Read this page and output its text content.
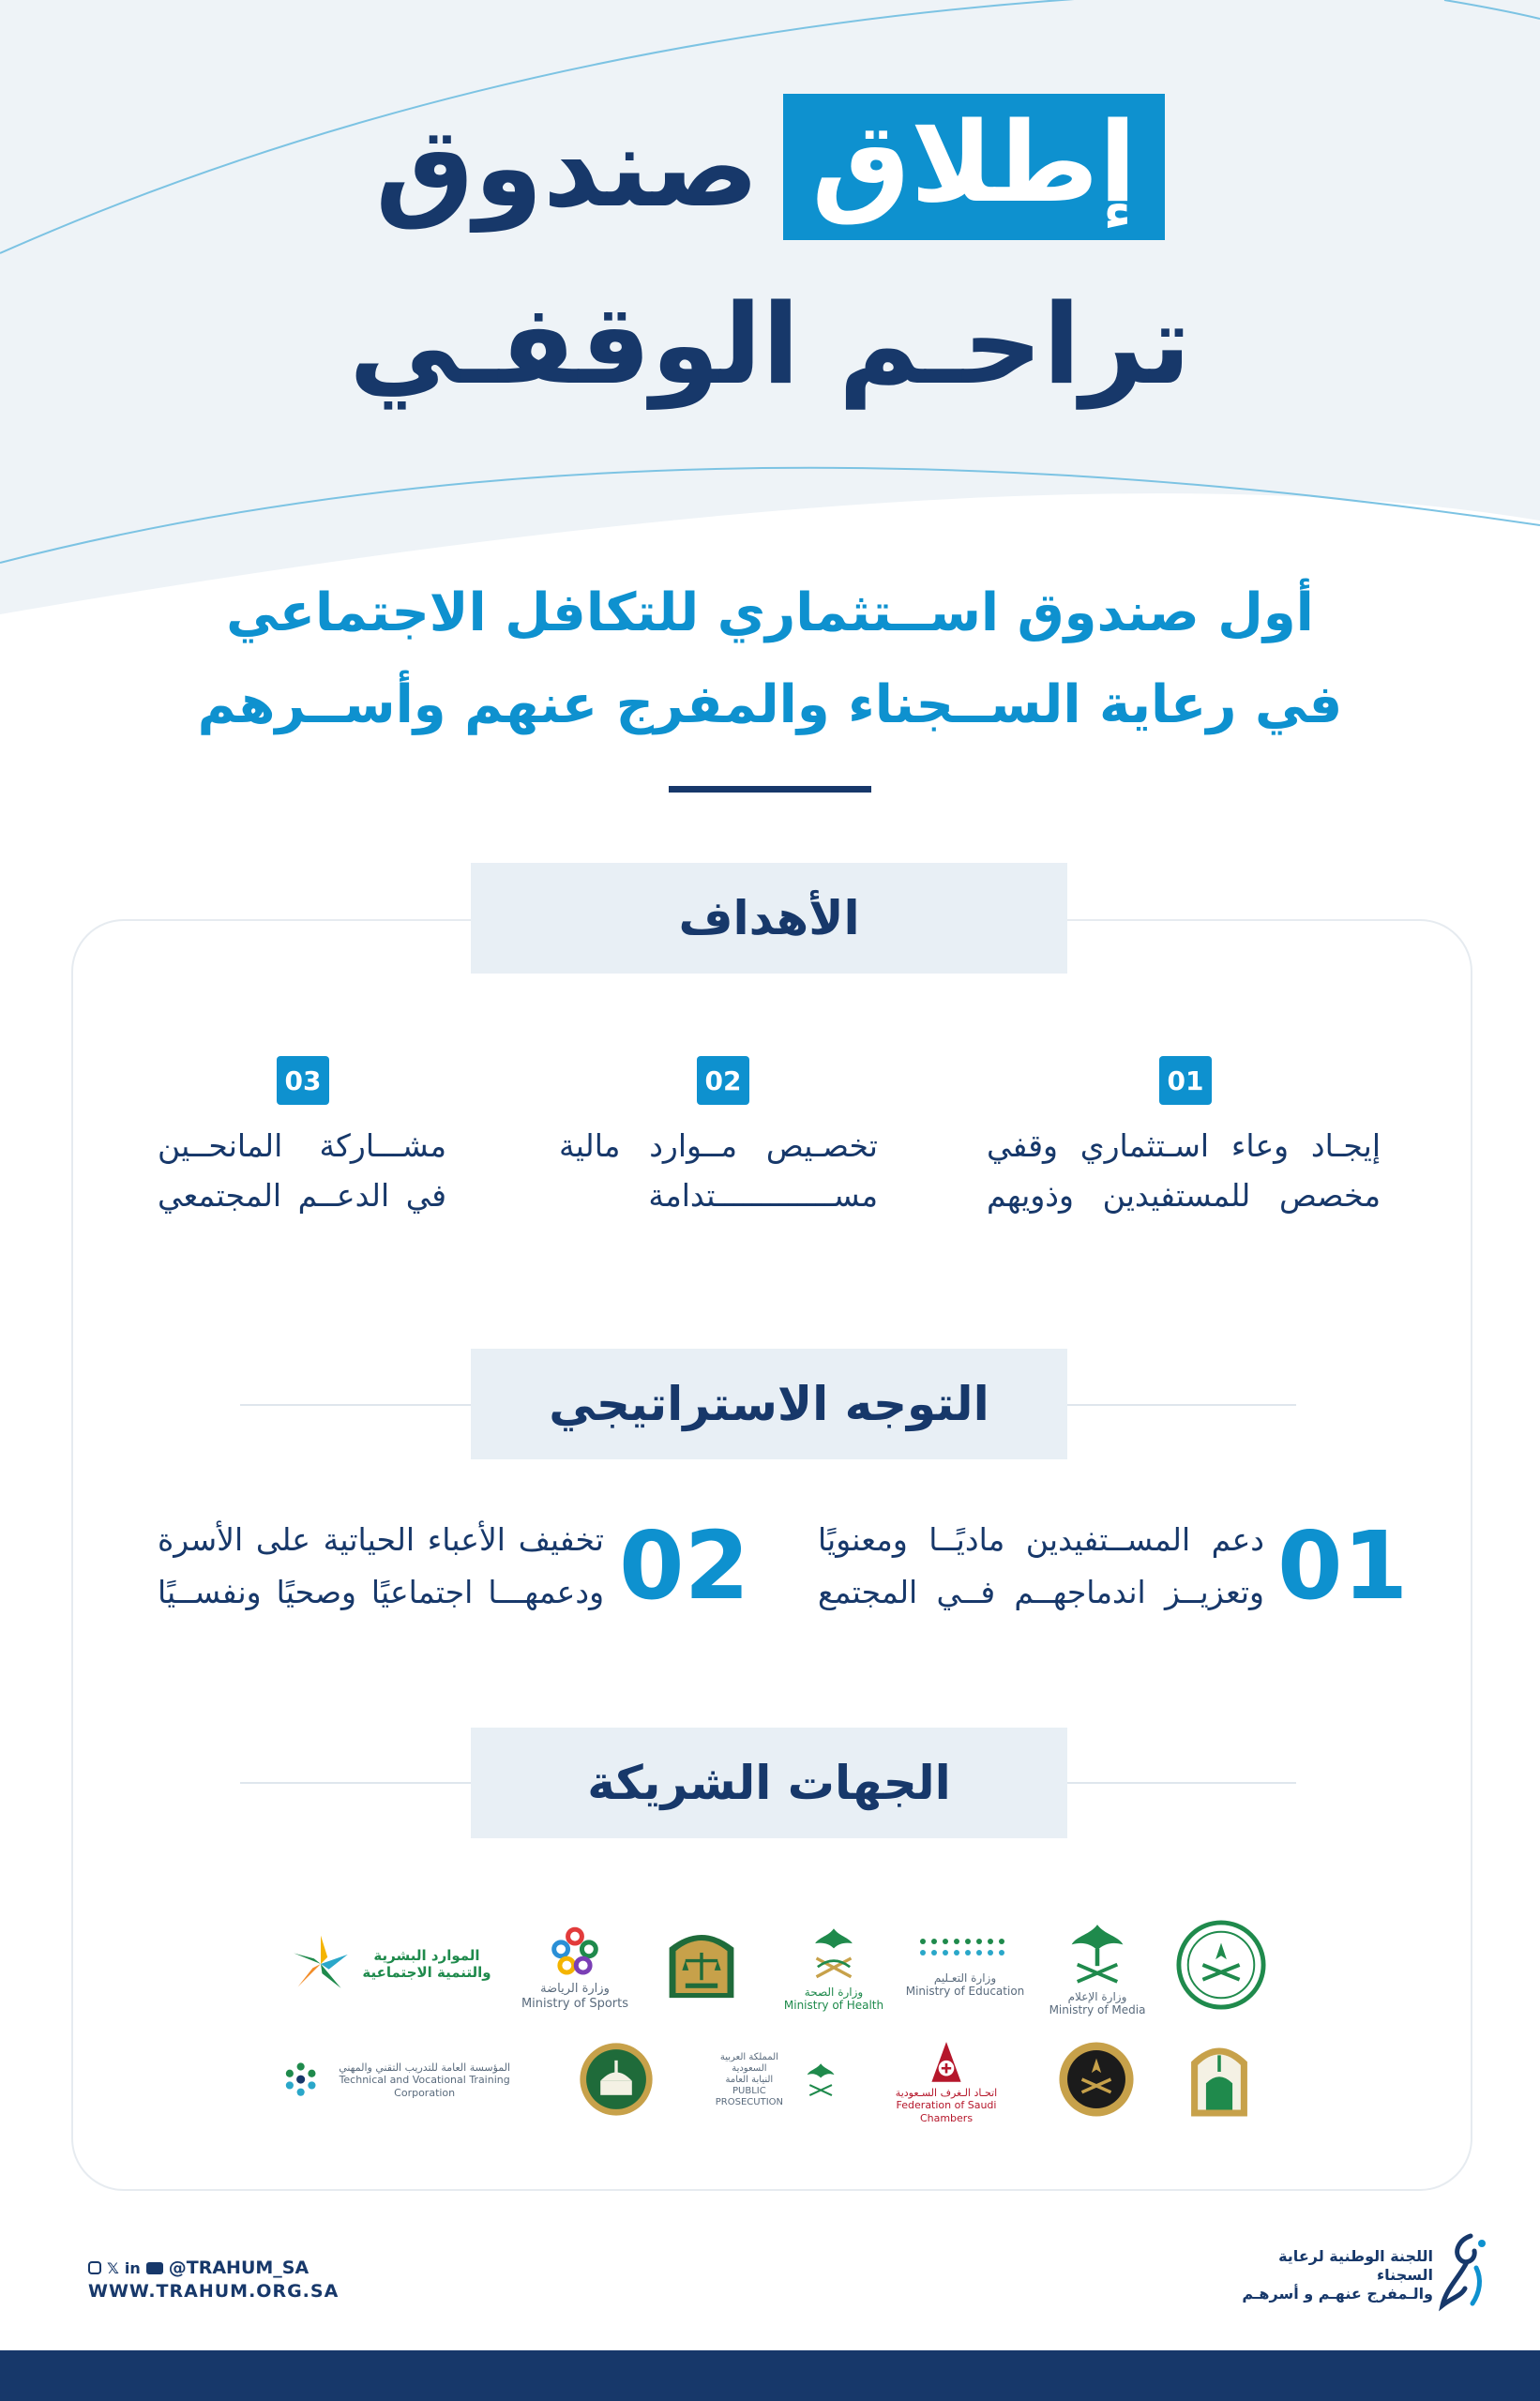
إطلاق
صندوق
تراحـم الوقفـي
أول صندوق اســتثماري للتكافل الاجتماعي
في رعاية الســجناء والمفرج عنهم وأســرهم
الأهداف
01
إيجـاد وعاء اسـتثماري وقفي
مخصص للمستفيدين وذويهم
02
تخصـيص مــوارد مالية
مســـــــــــــتدامة
03
مشـــاركة المانحــين
في الدعــم المجتمعي
التوجه الاستراتيجي
01
دعم المســتفيدين ماديًــا ومعنويًا
وتعزيــز اندماجهــم فــي المجتمع
02
تخفيف الأعباء الحياتية على الأسرة
ودعمهـــا اجتماعيًا وصحيًا ونفســيًا
الجهات الشريكة
وزارة الإعلام
Ministry of Media
وزارة التعـليم
Ministry of Education
وزارة الصحة
Ministry of Health
وزارة الرياضة
Ministry of Sports
الموارد البشرية
والتنمية الاجتماعية
اتحـاد الـغرف السـعودية
Federation of Saudi Chambers
المملكة العربية السعودية
النيابة العامة
PUBLIC PROSECUTION
المؤسسة العامة للتدريب التقني والمهني
Technical and Vocational Training Corporation
𝕏 in @TRAHUM_SA
WWW.TRAHUM.ORG.SA
اللجنة الوطنية لرعاية السجناء
والـمفرج عنهـم و أسرهـم
